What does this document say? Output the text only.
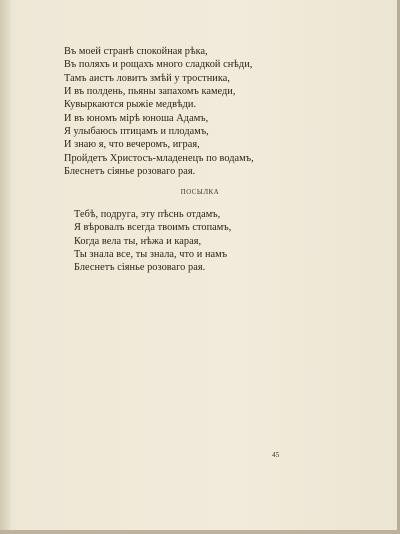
Въ моей странѣ спокойная рѣка,
Въ поляхъ и рощахъ много сладкой снѣди,
Тамъ аистъ ловитъ змѣй у тростника,
И въ полдень, пьяны запахомъ камеди,
Кувыркаются рыжіе медвѣди.
И въ юномъ мірѣ юноша Адамъ,
Я улыбаюсь птицамъ и плодамъ,
И знаю я, что вечеромъ, играя,
Пройдетъ Христосъ-младенецъ по водамъ,
Блеснетъ сіянье розоваго рая.
ПОСЫЛКА
Тебѣ, подруга, эту пѣснь отдамъ,
Я вѣровалъ всегда твоимъ стопамъ,
Когда вела ты, нѣжа и карая,
Ты знала все, ты знала, что и намъ
Блеснетъ сіянье розоваго рая.
45
